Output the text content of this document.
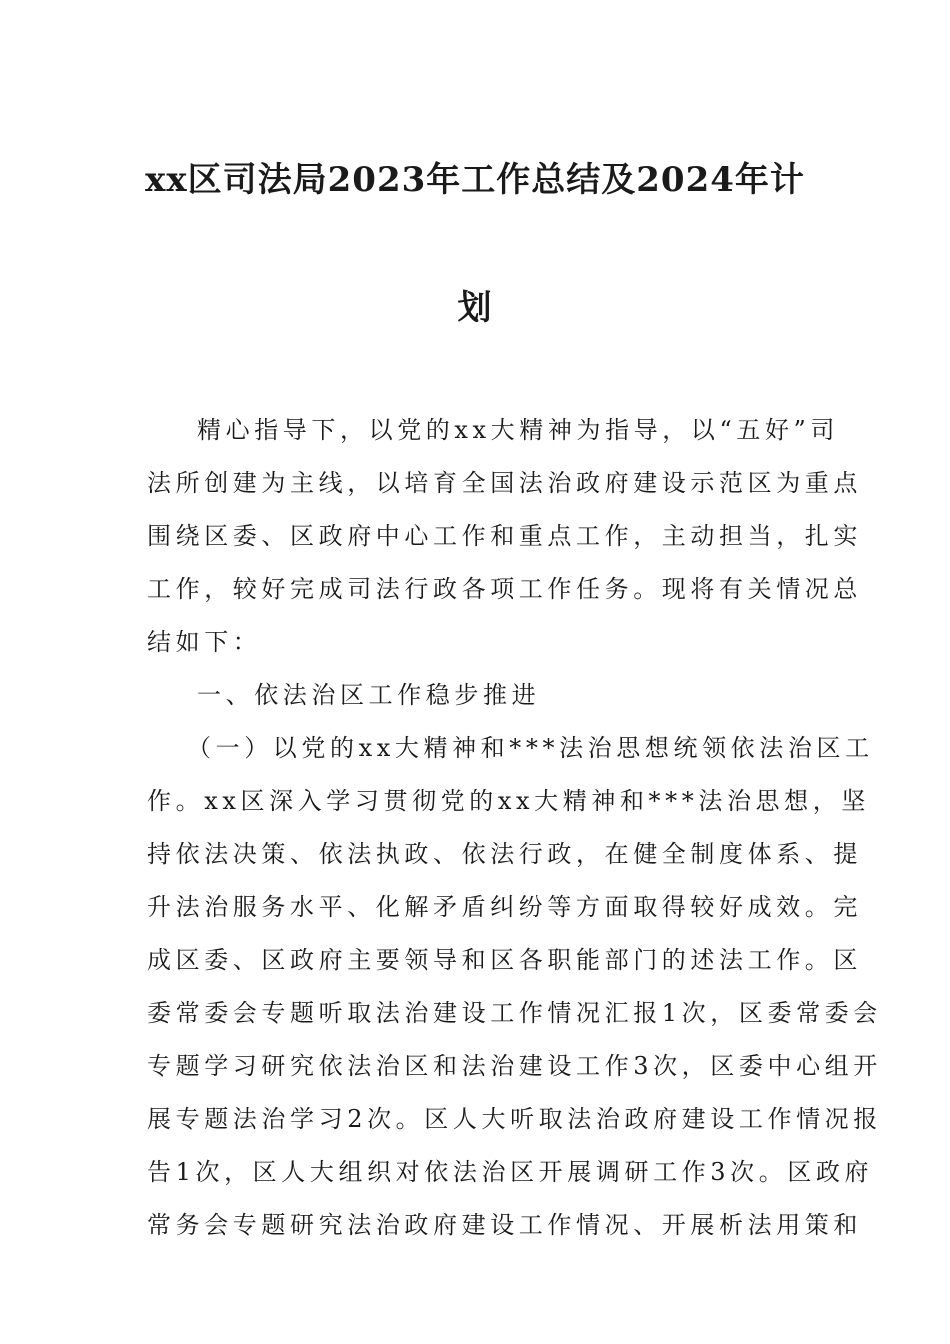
xx区司法局2023年工作总结及2024年计
划
精心指导下，以党的xx大精神为指导，以“五好”司
法所创建为主线，以培育全国法治政府建设示范区为重点
围绕区委、区政府中心工作和重点工作，主动担当，扎实
工作，较好完成司法行政各项工作任务。现将有关情况总
结如下：
一、依法治区工作稳步推进
（一）以党的xx大精神和***法治思想统领依法治区工
作。xx区深入学习贯彻党的xx大精神和***法治思想，坚
持依法决策、依法执政、依法行政，在健全制度体系、提
升法治服务水平、化解矛盾纠纷等方面取得较好成效。完
成区委、区政府主要领导和区各职能部门的述法工作。区
委常委会专题听取法治建设工作情况汇报1次，区委常委会
专题学习研究依法治区和法治建设工作3次，区委中心组开
展专题法治学习2次。区人大听取法治政府建设工作情况报
告1次，区人大组织对依法治区开展调研工作3次。区政府
常务会专题研究法治政府建设工作情况、开展析法用策和
